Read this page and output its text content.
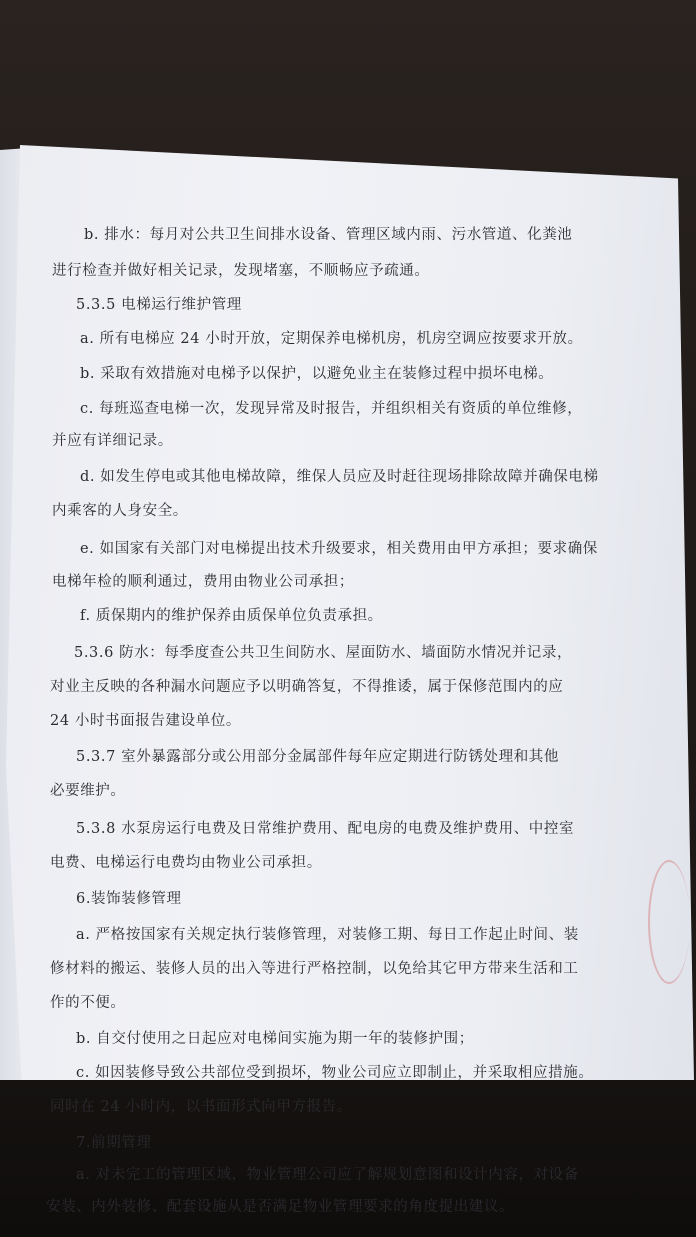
b. 排水：每月对公共卫生间排水设备、管理区域内雨、污水管道、化粪池
进行检查并做好相关记录，发现堵塞，不顺畅应予疏通。
5.3.5 电梯运行维护管理
a. 所有电梯应 24 小时开放，定期保养电梯机房，机房空调应按要求开放。
b. 采取有效措施对电梯予以保护，以避免业主在装修过程中损坏电梯。
c. 每班巡查电梯一次，发现异常及时报告，并组织相关有资质的单位维修，
并应有详细记录。
d. 如发生停电或其他电梯故障，维保人员应及时赶往现场排除故障并确保电梯
内乘客的人身安全。
e. 如国家有关部门对电梯提出技术升级要求，相关费用由甲方承担；要求确保
电梯年检的顺利通过，费用由物业公司承担；
f. 质保期内的维护保养由质保单位负责承担。
5.3.6 防水：每季度查公共卫生间防水、屋面防水、墙面防水情况并记录，
对业主反映的各种漏水问题应予以明确答复，不得推诿，属于保修范围内的应
24 小时书面报告建设单位。
5.3.7 室外暴露部分或公用部分金属部件每年应定期进行防锈处理和其他
必要维护。
5.3.8 水泵房运行电费及日常维护费用、配电房的电费及维护费用、中控室
电费、电梯运行电费均由物业公司承担。
6.装饰装修管理
a. 严格按国家有关规定执行装修管理，对装修工期、每日工作起止时间、装
修材料的搬运、装修人员的出入等进行严格控制，以免给其它甲方带来生活和工
作的不便。
b. 自交付使用之日起应对电梯间实施为期一年的装修护围；
c. 如因装修导致公共部位受到损坏，物业公司应立即制止，并采取相应措施。
同时在 24 小时内，以书面形式向甲方报告。
7.前期管理
a. 对未完工的管理区域，物业管理公司应了解规划意图和设计内容，对设备
安装、内外装修、配套设施从是否满足物业管理要求的角度提出建议。
